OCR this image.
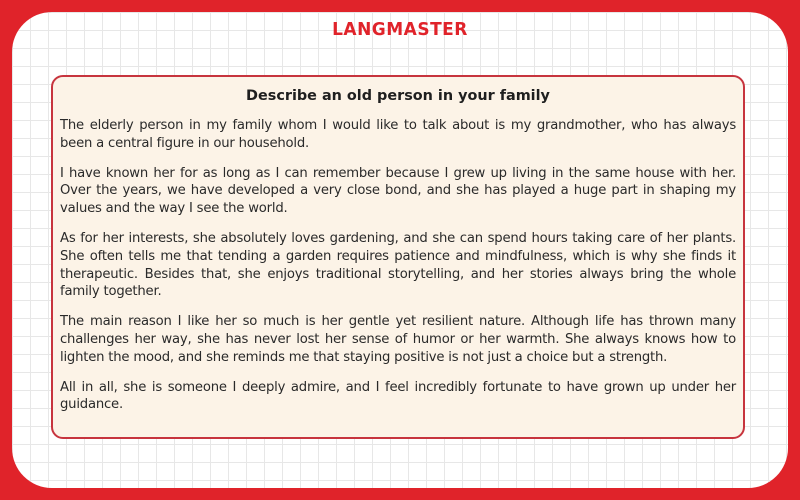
LANGMASTER
Describe an old person in your family

The elderly person in my family whom I would like to talk about is my grandmother, who has always been a central figure in our household.

I have known her for as long as I can remember because I grew up living in the same house with her. Over the years, we have developed a very close bond, and she has played a huge part in shaping my values and the way I see the world.

As for her interests, she absolutely loves gardening, and she can spend hours taking care of her plants. She often tells me that tending a garden requires patience and mindfulness, which is why she finds it therapeutic. Besides that, she enjoys traditional storytelling, and her stories always bring the whole family together.

The main reason I like her so much is her gentle yet resilient nature. Although life has thrown many challenges her way, she has never lost her sense of humor or her warmth. She always knows how to lighten the mood, and she reminds me that staying positive is not just a choice but a strength.

All in all, she is someone I deeply admire, and I feel incredibly fortunate to have grown up under her guidance.
